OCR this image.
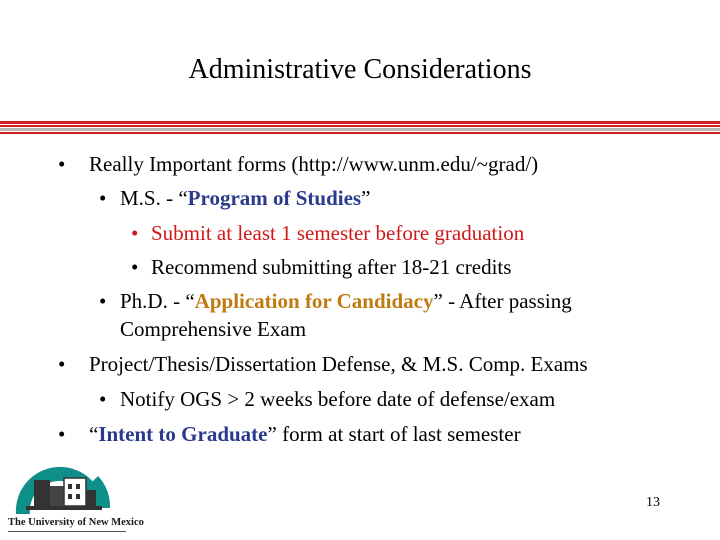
Administrative Considerations
• Really Important forms (http://www.unm.edu/~grad/)
• M.S. - “Program of Studies”
• Submit at least 1 semester before graduation
• Recommend submitting after 18-21 credits
• Ph.D. - “Application for Candidacy” - After passing
Comprehensive Exam
• Project/Thesis/Dissertation Defense, & M.S. Comp. Exams
• Notify OGS > 2 weeks before date of defense/exam
• “Intent to Graduate” form at start of last semester
The University of New Mexico
13
